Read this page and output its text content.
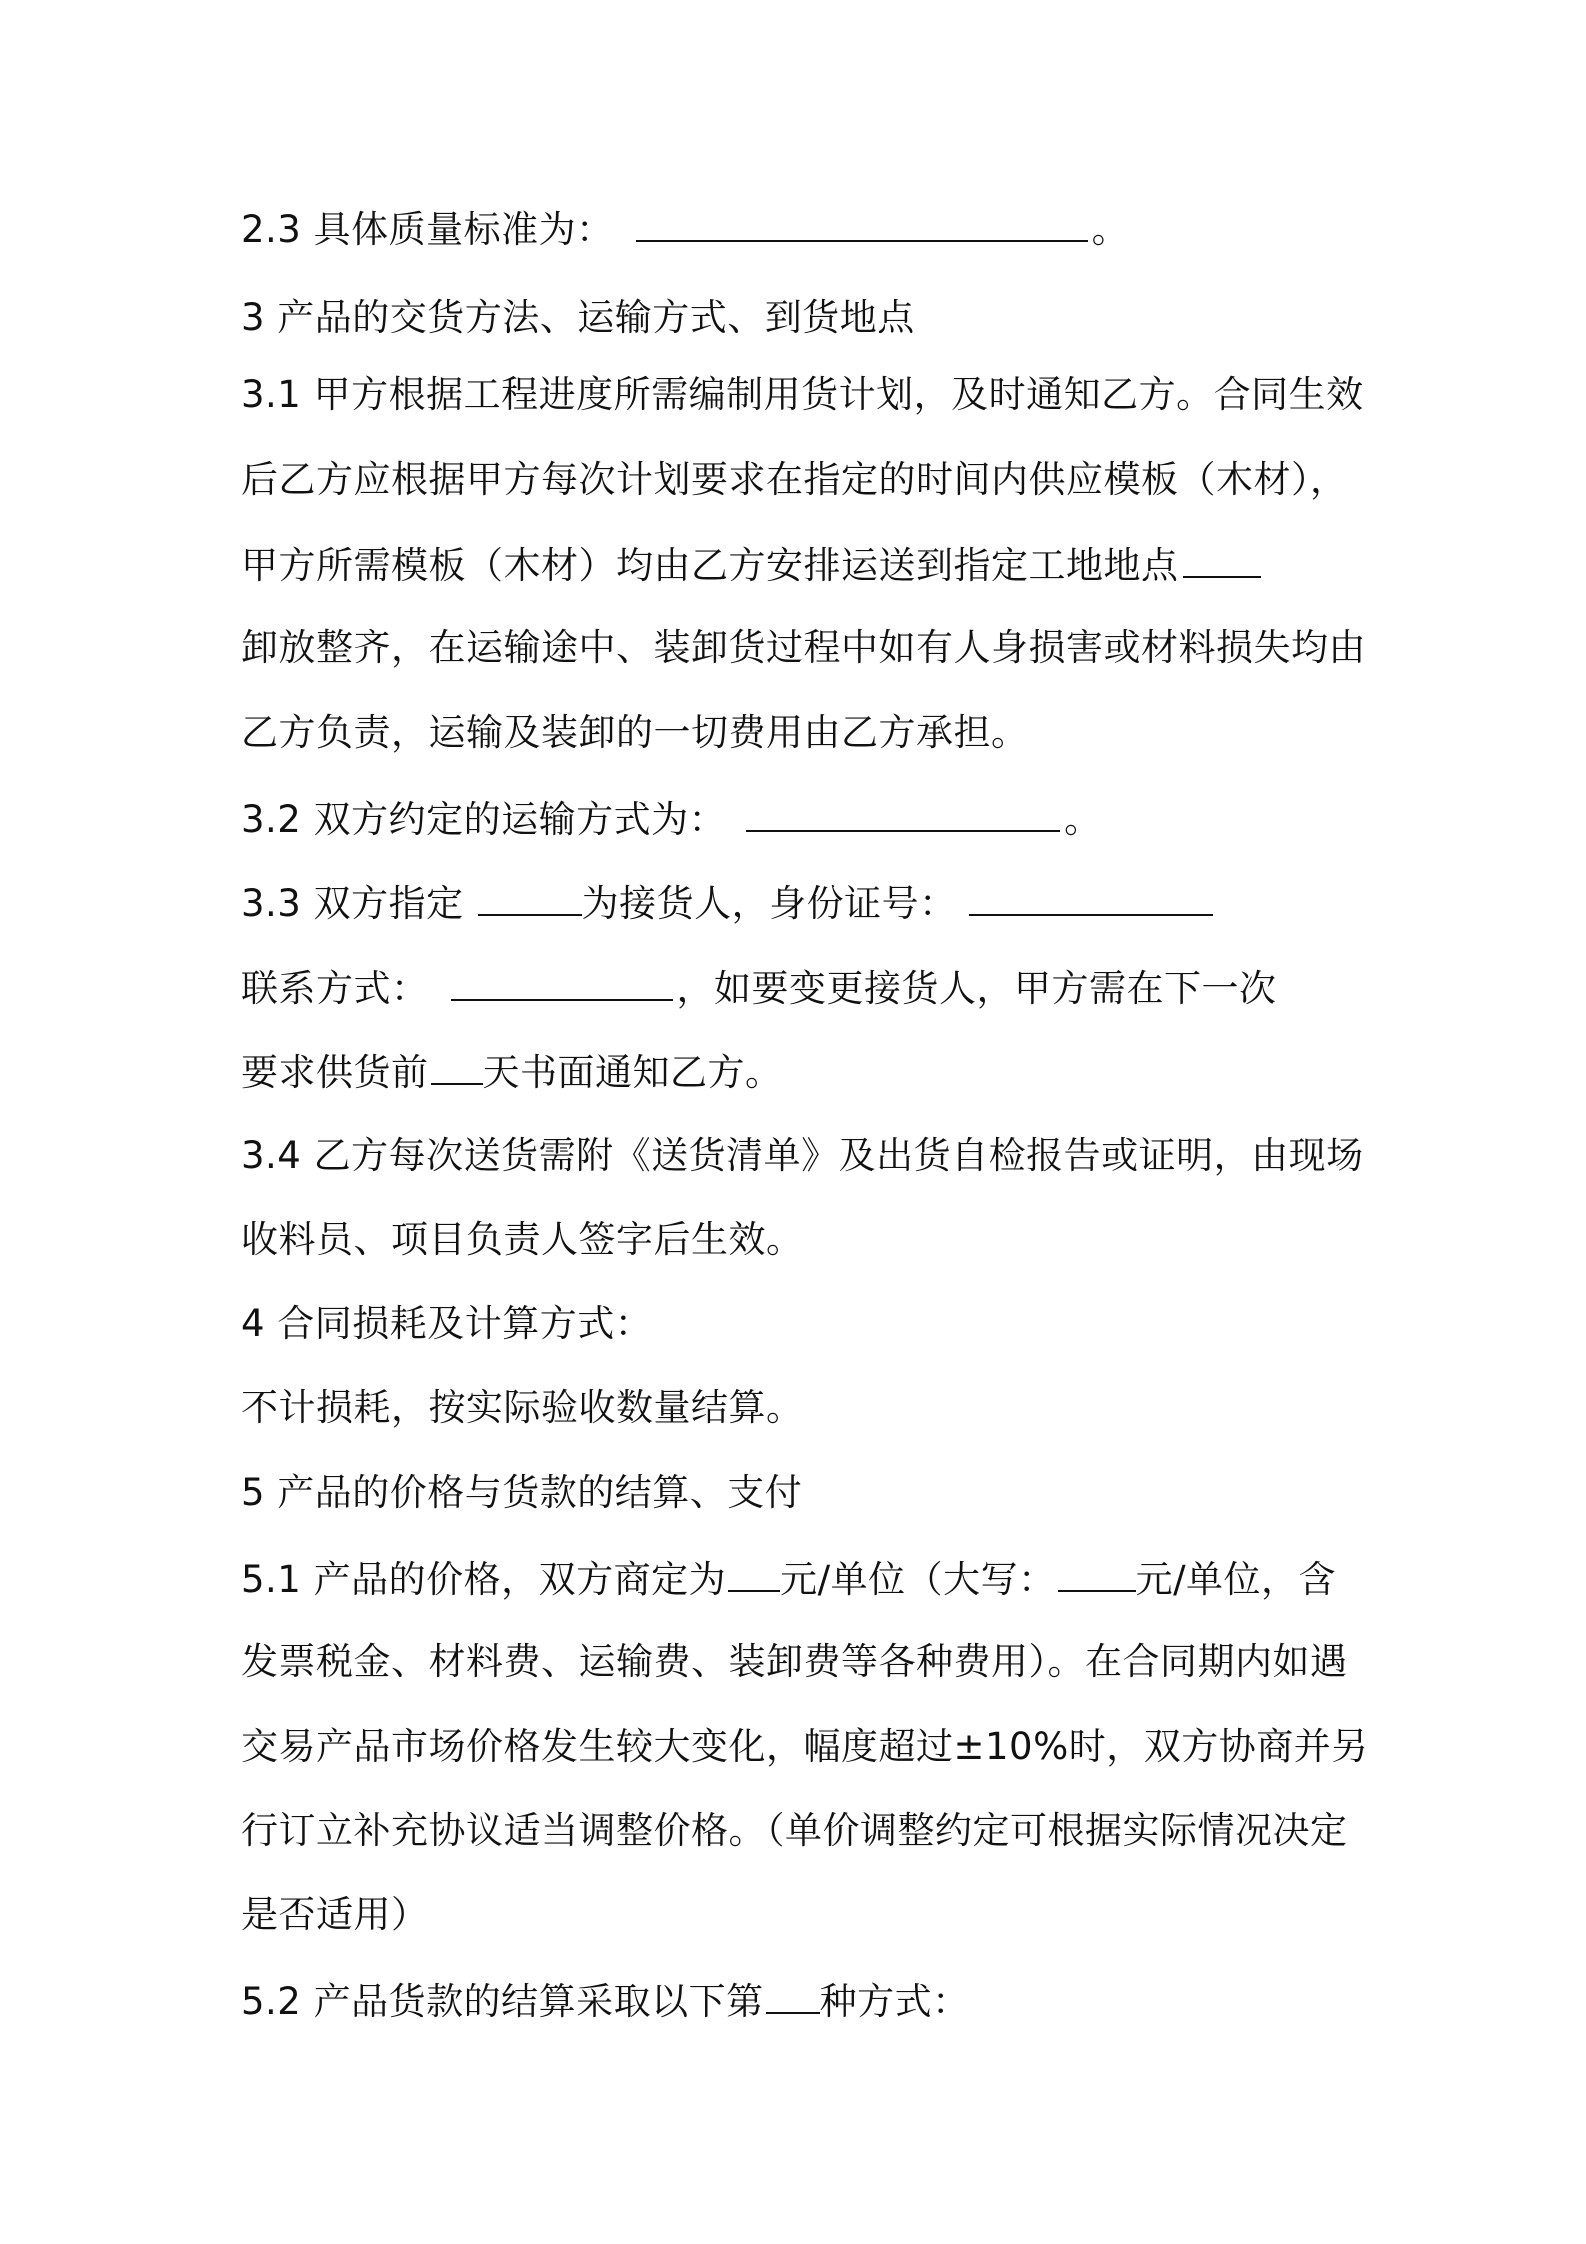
2.3 具体质量标准为：	。
3 产品的交货方法、运输方式、到货地点
3.1 甲方根据工程进度所需编制用货计划，及时通知乙方。合同生效
后乙方应根据甲方每次计划要求在指定的时间内供应模板（木材），
甲方所需模板（木材）均由乙方安排运送到指定工地地点
卸放整齐，在运输途中、装卸货过程中如有人身损害或材料损失均由
乙方负责，运输及装卸的一切费用由乙方承担。
3.2 双方约定的运输方式为：	。
3.3 双方指定	为接货人，身份证号：
联系方式：	，如要变更接货人，甲方需在下一次
要求供货前 天书面通知乙方。
3.4 乙方每次送货需附《送货清单》及出货自检报告或证明，由现场
收料员、项目负责人签字后生效。
4 合同损耗及计算方式：
不计损耗，按实际验收数量结算。
5 产品的价格与货款的结算、支付
5.1 产品的价格，双方商定为 元/单位（大写： 元/单位，含
发票税金、材料费、运输费、装卸费等各种费用）。在合同期内如遇
交易产品市场价格发生较大变化，幅度超过±10%时，双方协商并另
行订立补充协议适当调整价格。（单价调整约定可根据实际情况决定
是否适用）
5.2 产品货款的结算采取以下第 种方式：
